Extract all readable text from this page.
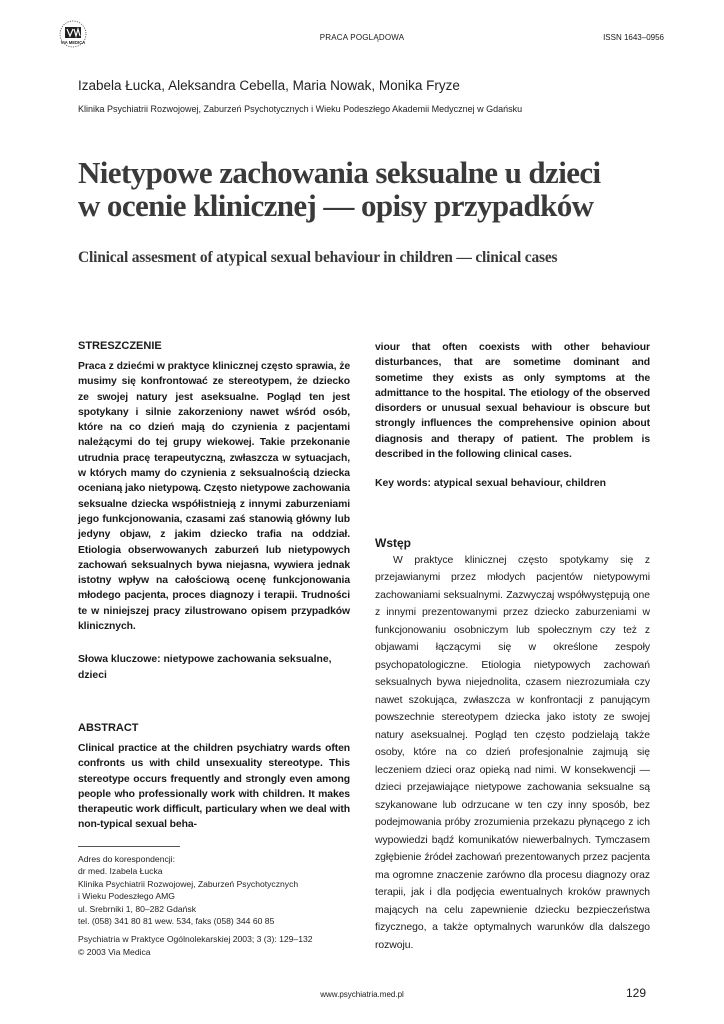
VIA MEDICA
PRACA POGLĄDOWA	ISSN 1643–0956
Izabela Łucka, Aleksandra Cebella, Maria Nowak, Monika Fryze
Klinika Psychiatrii Rozwojowej, Zaburzeń Psychotycznych i Wieku Podeszłego Akademii Medycznej w Gdańsku
Nietypowe zachowania seksualne u dzieci
w ocenie klinicznej — opisy przypadków
Clinical assesment of atypical sexual behaviour in children — clinical cases
STRESZCZENIE

Praca z dziećmi w praktyce klinicznej często sprawia, że musimy się konfrontować ze stereotypem, że dziecko ze swojej natury jest aseksualne. Pogląd ten jest spotykany i silnie zakorzeniony nawet wśród osób, które na co dzień mają do czynienia z pacjentami należącymi do tej grupy wiekowej. Takie przekonanie utrudnia pracę terapeutyczną, zwłaszcza w sytuacjach, w których mamy do czynienia z seksualnością dziecka ocenianą jako nietypową. Często nietypowe zachowania seksualne dziecka współistnieją z innymi zaburzeniami jego funkcjonowania, czasami zaś stanowią główny lub jedyny objaw, z jakim dziecko trafia na oddział. Etiologia obserwowanych zaburzeń lub nietypowych zachowań seksualnych bywa niejasna, wywiera jednak istotny wpływ na całościową ocenę funkcjonowania młodego pacjenta, proces diagnozy i terapii. Trudności te w niniejszej pracy zilustrowano opisem przypadków klinicznych.

Słowa kluczowe: nietypowe zachowania seksualne, dzieci

ABSTRACT

Clinical practice at the children psychiatry wards often confronts us with child unsexuality stereotype. This stereotype occurs frequently and strongly even among people who professionally work with children. It makes therapeutic work difficult, particulary when we deal with non-typical sexual beha-

viour that often coexists with other behaviour disturbances, that are sometime dominant and sometime they exists as only symptoms at the admittance to the hospital. The etiology of the observed disorders or unusual sexual behaviour is obscure but strongly influences the comprehensive opinion about diagnosis and therapy of patient. The problem is described in the following clinical cases.

Key words: atypical sexual behaviour, children

Wstęp

W praktyce klinicznej często spotykamy się z przejawianymi przez młodych pacjentów nietypowymi zachowaniami seksualnymi. Zazwyczaj współwystępują one z innymi prezentowanymi przez dziecko zaburzeniami w funkcjonowaniu osobniczym lub społecznym czy też z objawami łączącymi się w określone zespoły psychopatologiczne. Etiologia nietypowych zachowań seksualnych bywa niejednolita, czasem niezrozumiała czy nawet szokująca, zwłaszcza w konfrontacji z panującym powszechnie stereotypem dziecka jako istoty ze swojej natury aseksualnej. Pogląd ten często podzielają także osoby, które na co dzień profesjonalnie zajmują się leczeniem dzieci oraz opieką nad nimi. W konsekwencji — dzieci przejawiające nietypowe zachowania seksualne są szykanowane lub odrzucane w ten czy inny sposób, bez podejmowania próby zrozumienia przekazu płynącego z ich wypowiedzi bądź komunikatów niewerbalnych. Tymczasem zgłębienie źródeł zachowań prezentowanych przez pacjenta ma ogromne znaczenie zarówno dla procesu diagnozy oraz terapii, jak i dla podjęcia ewentualnych kroków prawnych mających na celu zapewnienie dziecku bezpieczeństwa fizycznego, a także optymalnych warunków dla dalszego rozwoju.

Adres do korespondencji:
dr med. Izabela Łucka
Klinika Psychiatrii Rozwojowej, Zaburzeń Psychotycznych
i Wieku Podeszłego AMG
ul. Srebrniki 1, 80–282 Gdańsk
tel. (058) 341 80 81 wew. 534, faks (058) 344 60 85
Psychiatria w Praktyce Ogólnolekarskiej 2003; 3 (3): 129–132
© 2003 Via Medica
www.psychiatria.med.pl	129
